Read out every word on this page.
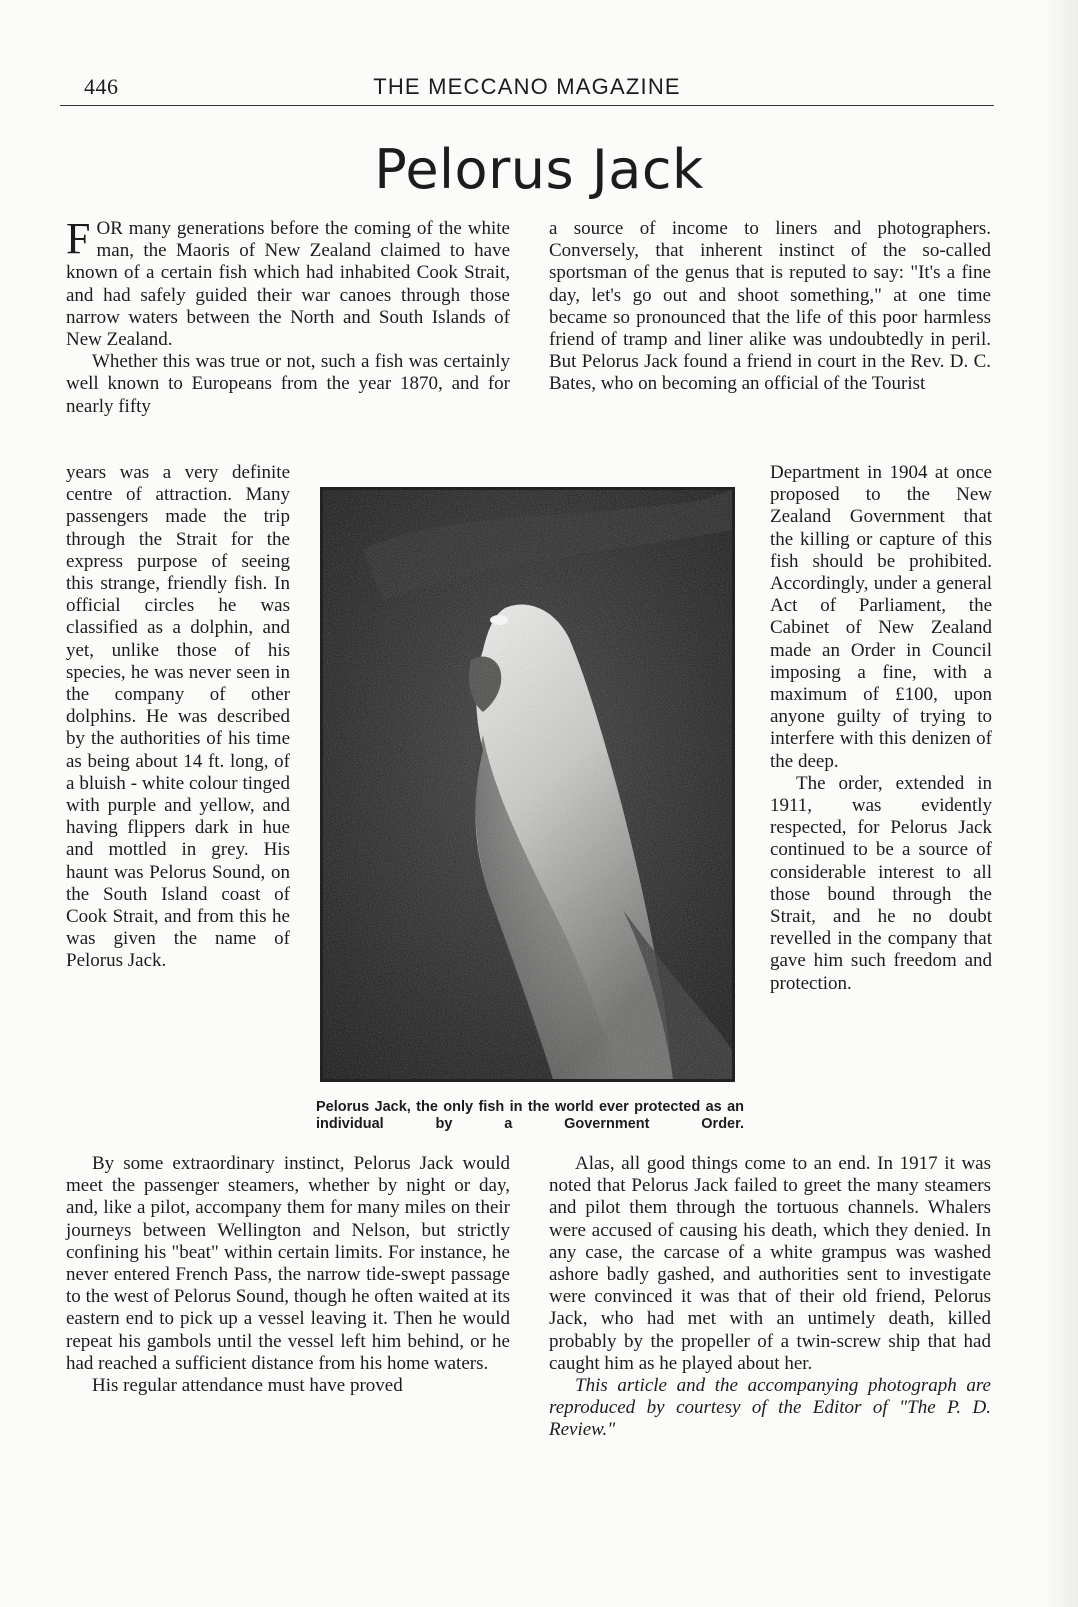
446	THE MECCANO MAGAZINE
Pelorus Jack

FOR many generations before the coming of the white man, the Maoris of New Zealand claimed to have known of a certain fish which had inhabited Cook Strait, and had safely guided their war canoes through those narrow waters between the North and South Islands of New Zealand.

Whether this was true or not, such a fish was certainly well known to Europeans from the year 1870, and for nearly fifty

years was a very definite centre of attraction. Many passengers made the trip through the Strait for the express purpose of seeing this strange, friendly fish. In official circles he was classified as a dolphin, and yet, unlike those of his species, he was never seen in the company of other dolphins. He was described by the authorities of his time as being about 14 ft. long, of a bluish - white colour tinged with purple and yellow, and having flippers dark in hue and mottled in grey. His haunt was Pelorus Sound, on the South Island coast of Cook Strait, and from this he was given the name of Pelorus Jack.

By some extraordinary instinct, Pelorus Jack would meet the passenger steamers, whether by night or day, and, like a pilot, accompany them for many miles on their journeys between Wellington and Nelson, but strictly confining his "beat" within certain limits. For instance, he never entered French Pass, the narrow tide-swept passage to the west of Pelorus Sound, though he often waited at its eastern end to pick up a vessel leaving it. Then he would repeat his gambols until the vessel left him behind, or he had reached a sufficient distance from his home waters.

His regular attendance must have proved

a source of income to liners and photographers. Conversely, that inherent instinct of the so-called sportsman of the genus that is reputed to say: "It's a fine day, let's go out and shoot something," at one time became so pronounced that the life of this poor harmless friend of tramp and liner alike was undoubtedly in peril. But Pelorus Jack found a friend in court in the Rev. D. C. Bates, who on becoming an official of the Tourist

Department in 1904 at once proposed to the New Zealand Government that the killing or capture of this fish should be prohibited. Accordingly, under a general Act of Parliament, the Cabinet of New Zealand made an Order in Council imposing a fine, with a maximum of £100, upon anyone guilty of trying to interfere with this denizen of the deep.

The order, extended in 1911, was evidently respected, for Pelorus Jack continued to be a source of considerable interest to all those bound through the Strait, and he no doubt revelled in the company that gave him such freedom and protection.

Alas, all good things come to an end. In 1917 it was noted that Pelorus Jack failed to greet the many steamers and pilot them through the tortuous channels. Whalers were accused of causing his death, which they denied. In any case, the carcase of a white grampus was washed ashore badly gashed, and authorities sent to investigate were convinced it was that of their old friend, Pelorus Jack, who had met with an untimely death, killed probably by the propeller of a twin-screw ship that had caught him as he played about her.

This article and the accompanying photograph are reproduced by courtesy of the Editor of "The P. D. Review."

Pelorus Jack, the only fish in the world ever protected as an individual by a Government Order.
